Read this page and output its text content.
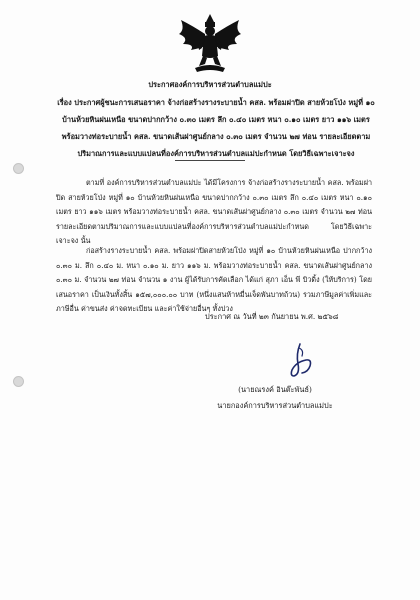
ประกาศองค์การบริหารส่วนตำบลแม่ปะ
เรื่อง ประกาศผู้ชนะการเสนอราคา จ้างก่อสร้างรางระบายน้ำ คสล. พร้อมฝาปิด สายห้วยโป่ง หมู่ที่ ๑๐ บ้านห้วยหินฝนเหนือ ขนาดปากกว้าง ๐.๓๐ เมตร ลึก ๐.๔๐ เมตร หนา ๐.๑๐ เมตร ยาว ๑๑๖ เมตร พร้อมวางท่อระบายน้ำ คสล. ขนาดเส้นผ่าศูนย์กลาง ๐.๓๐ เมตร จำนวน ๒๗ ท่อน รายละเอียดตามปริมาณการและแบบแปลนที่องค์การบริหารส่วนตำบลแม่ปะกำหนด โดยวิธีเฉพาะเจาะจง
ตามที่ องค์การบริหารส่วนตำบลแม่ปะ ได้มีโครงการ จ้างก่อสร้างรางระบายน้ำ คสล. พร้อมฝาปิด สายห้วยโป่ง หมู่ที่ ๑๐ บ้านห้วยหินฝนเหนือ ขนาดปากกว้าง ๐.๓๐ เมตร ลึก ๐.๔๐ เมตร หนา ๐.๑๐ เมตร ยาว ๑๑๖ เมตร พร้อมวางท่อระบายน้ำ คสล. ขนาดเส้นผ่าศูนย์กลาง ๐.๓๐ เมตร จำนวน ๒๗ ท่อน รายละเอียดตามปริมาณการและแบบแปลนที่องค์การบริหารส่วนตำบลแม่ปะกำหนด โดยวิธีเฉพาะเจาะจง นั้น
ก่อสร้างรางระบายน้ำ คสล. พร้อมฝาปิดสายห้วยโป่ง หมู่ที่ ๑๐ บ้านห้วยหินฝนเหนือ ปากกว้าง ๐.๓๐ ม. ลึก ๐.๔๐ ม. หนา ๐.๑๐ ม. ยาว ๑๑๖ ม. พร้อมวางท่อระบายน้ำ คสล. ขนาดเส้นผ่าศูนย์กลาง ๐.๓๐ ม. จำนวน ๒๗ ท่อน จำนวน ๑ งาน ผู้ได้รับการคัดเลือก ได้แก่ สุภา เอ็น พี บิวดิ้ง (ให้บริการ) โดยเสนอราคา เป็นเงินทั้งสิ้น ๑๕๗,๐๐๐.๐๐ บาท (หนึ่งแสนห้าหมื่นเจ็ดพันบาทถ้วน) รวมภาษีมูลค่าเพิ่มและภาษีอื่น ค่าขนส่ง ค่าจดทะเบียน และค่าใช้จ่ายอื่นๆ ทั้งปวง
ประกาศ ณ วันที่ ๒๓ กันยายน พ.ศ. ๒๕๖๘
(นายณรงค์ อินต๊ะพันธ์)
นายกองค์การบริหารส่วนตำบลแม่ปะ
